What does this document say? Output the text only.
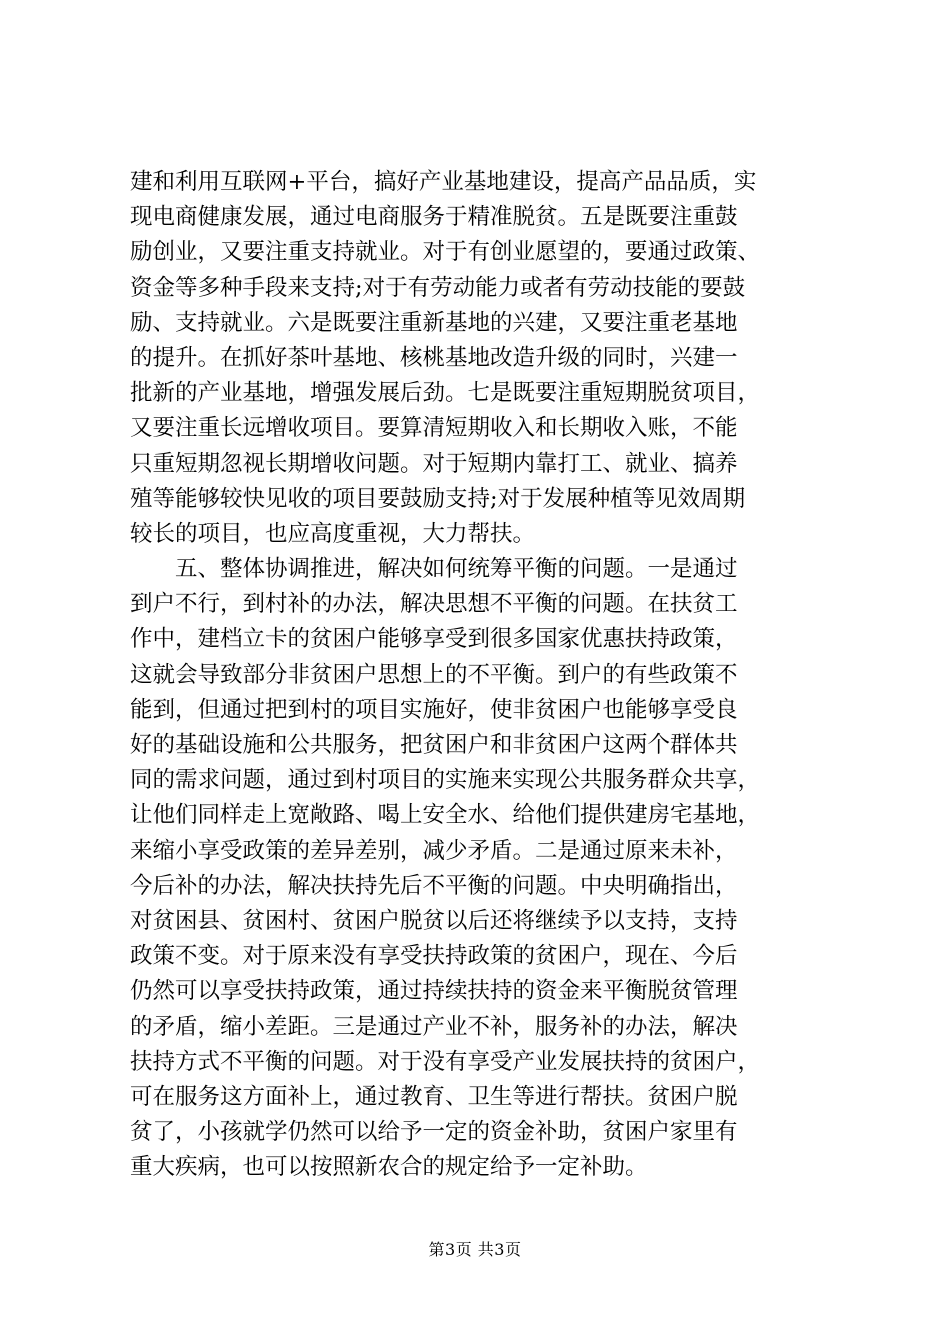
建和利用互联网+平台，搞好产业基地建设，提高产品品质，实
现电商健康发展，通过电商服务于精准脱贫。五是既要注重鼓
励创业，又要注重支持就业。对于有创业愿望的，要通过政策、
资金等多种手段来支持;对于有劳动能力或者有劳动技能的要鼓
励、支持就业。六是既要注重新基地的兴建，又要注重老基地
的提升。在抓好茶叶基地、核桃基地改造升级的同时，兴建一
批新的产业基地，增强发展后劲。七是既要注重短期脱贫项目，
又要注重长远增收项目。要算清短期收入和长期收入账，不能
只重短期忽视长期增收问题。对于短期内靠打工、就业、搞养
殖等能够较快见收的项目要鼓励支持;对于发展种植等见效周期
较长的项目，也应高度重视，大力帮扶。
　　五、整体协调推进，解决如何统筹平衡的问题。一是通过
到户不行，到村补的办法，解决思想不平衡的问题。在扶贫工
作中，建档立卡的贫困户能够享受到很多国家优惠扶持政策，
这就会导致部分非贫困户思想上的不平衡。到户的有些政策不
能到，但通过把到村的项目实施好，使非贫困户也能够享受良
好的基础设施和公共服务，把贫困户和非贫困户这两个群体共
同的需求问题，通过到村项目的实施来实现公共服务群众共享，
让他们同样走上宽敞路、喝上安全水、给他们提供建房宅基地，
来缩小享受政策的差异差别，减少矛盾。二是通过原来未补，
今后补的办法，解决扶持先后不平衡的问题。中央明确指出，
对贫困县、贫困村、贫困户脱贫以后还将继续予以支持，支持
政策不变。对于原来没有享受扶持政策的贫困户，现在、今后
仍然可以享受扶持政策，通过持续扶持的资金来平衡脱贫管理
的矛盾，缩小差距。三是通过产业不补，服务补的办法，解决
扶持方式不平衡的问题。对于没有享受产业发展扶持的贫困户，
可在服务这方面补上，通过教育、卫生等进行帮扶。贫困户脱
贫了，小孩就学仍然可以给予一定的资金补助，贫困户家里有
重大疾病，也可以按照新农合的规定给予一定补助。
第3页 共3页
